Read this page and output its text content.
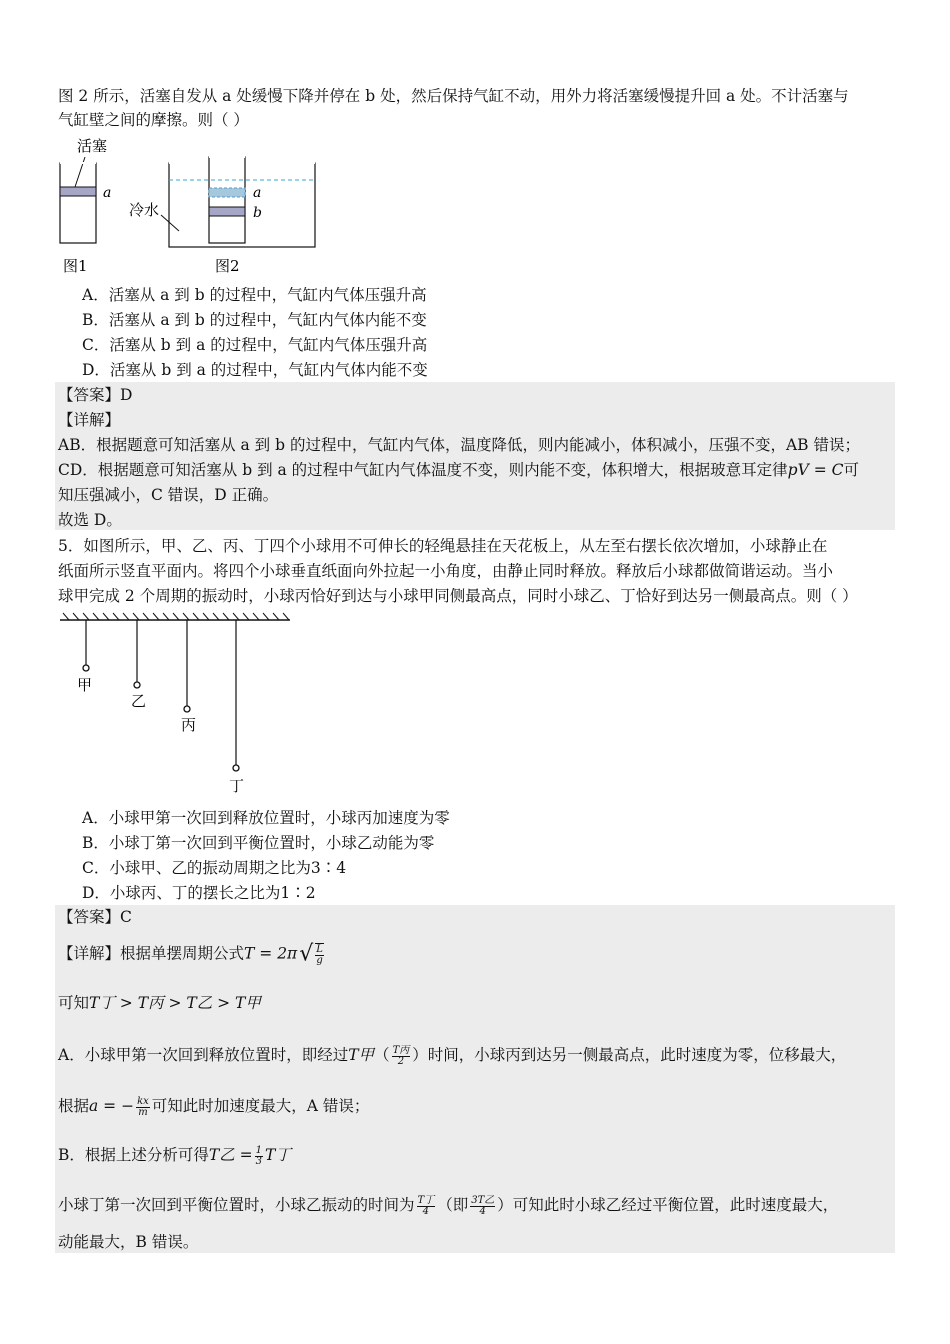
图 2 所示，活塞自发从 a 处缓慢下降并停在 b 处，然后保持气缸不动，用外力将活塞缓慢提升回 a 处。不计活塞与
气缸壁之间的摩擦。则（ ）
活塞
a
图1
a
b
冷水
图2
A．活塞从 a 到 b 的过程中，气缸内气体压强升高
B．活塞从 a 到 b 的过程中，气缸内气体内能不变
C．活塞从 b 到 a 的过程中，气缸内气体压强升高
D．活塞从 b 到 a 的过程中，气缸内气体内能不变
【答案】D
【详解】
AB．根据题意可知活塞从 a 到 b 的过程中，气缸内气体，温度降低，则内能减小，体积减小，压强不变，AB 错误；
CD．根据题意可知活塞从 b 到 a 的过程中气缸内气体温度不变，则内能不变，体积增大，根据玻意耳定律pV = C可
知压强减小，C 错误，D 正确。
故选 D。
5．如图所示，甲、乙、丙、丁四个小球用不可伸长的轻绳悬挂在天花板上，从左至右摆长依次增加，小球静止在
纸面所示竖直平面内。将四个小球垂直纸面向外拉起一小角度，由静止同时释放。释放后小球都做简谐运动。当小
球甲完成 2 个周期的振动时，小球丙恰好到达与小球甲同侧最高点，同时小球乙、丁恰好到达另一侧最高点。则（ ）
甲
乙
丙
丁
A．小球甲第一次回到释放位置时，小球丙加速度为零
B．小球丁第一次回到平衡位置时，小球乙动能为零
C．小球甲、乙的振动周期之比为3∶4
D．小球丙、丁的摆长之比为1∶2
【答案】C
【详解】根据单摆周期公式$T = 2\pi√ \frac{L}{g}$
可知T丁 > T丙 > T乙 > T甲
A．小球甲第一次回到释放位置时，即经过T甲（ $\frac{\text{T丙}}{2}$ ）时间，小球丙到达另一侧最高点，此时速度为零，位移最大，
根据a = − $\frac{kx}{m}$ 可知此时加速度最大，A 错误；
B．根据上述分析可得T乙 = $\frac{1}{3}$ T丁
小球丁第一次回到平衡位置时，小球乙振动的时间为 $\frac{\text{T丁}}{4}$ （即 $\frac{\text{3T乙}}{4}$ ）可知此时小球乙经过平衡位置，此时速度最大，
动能最大，B 错误。
